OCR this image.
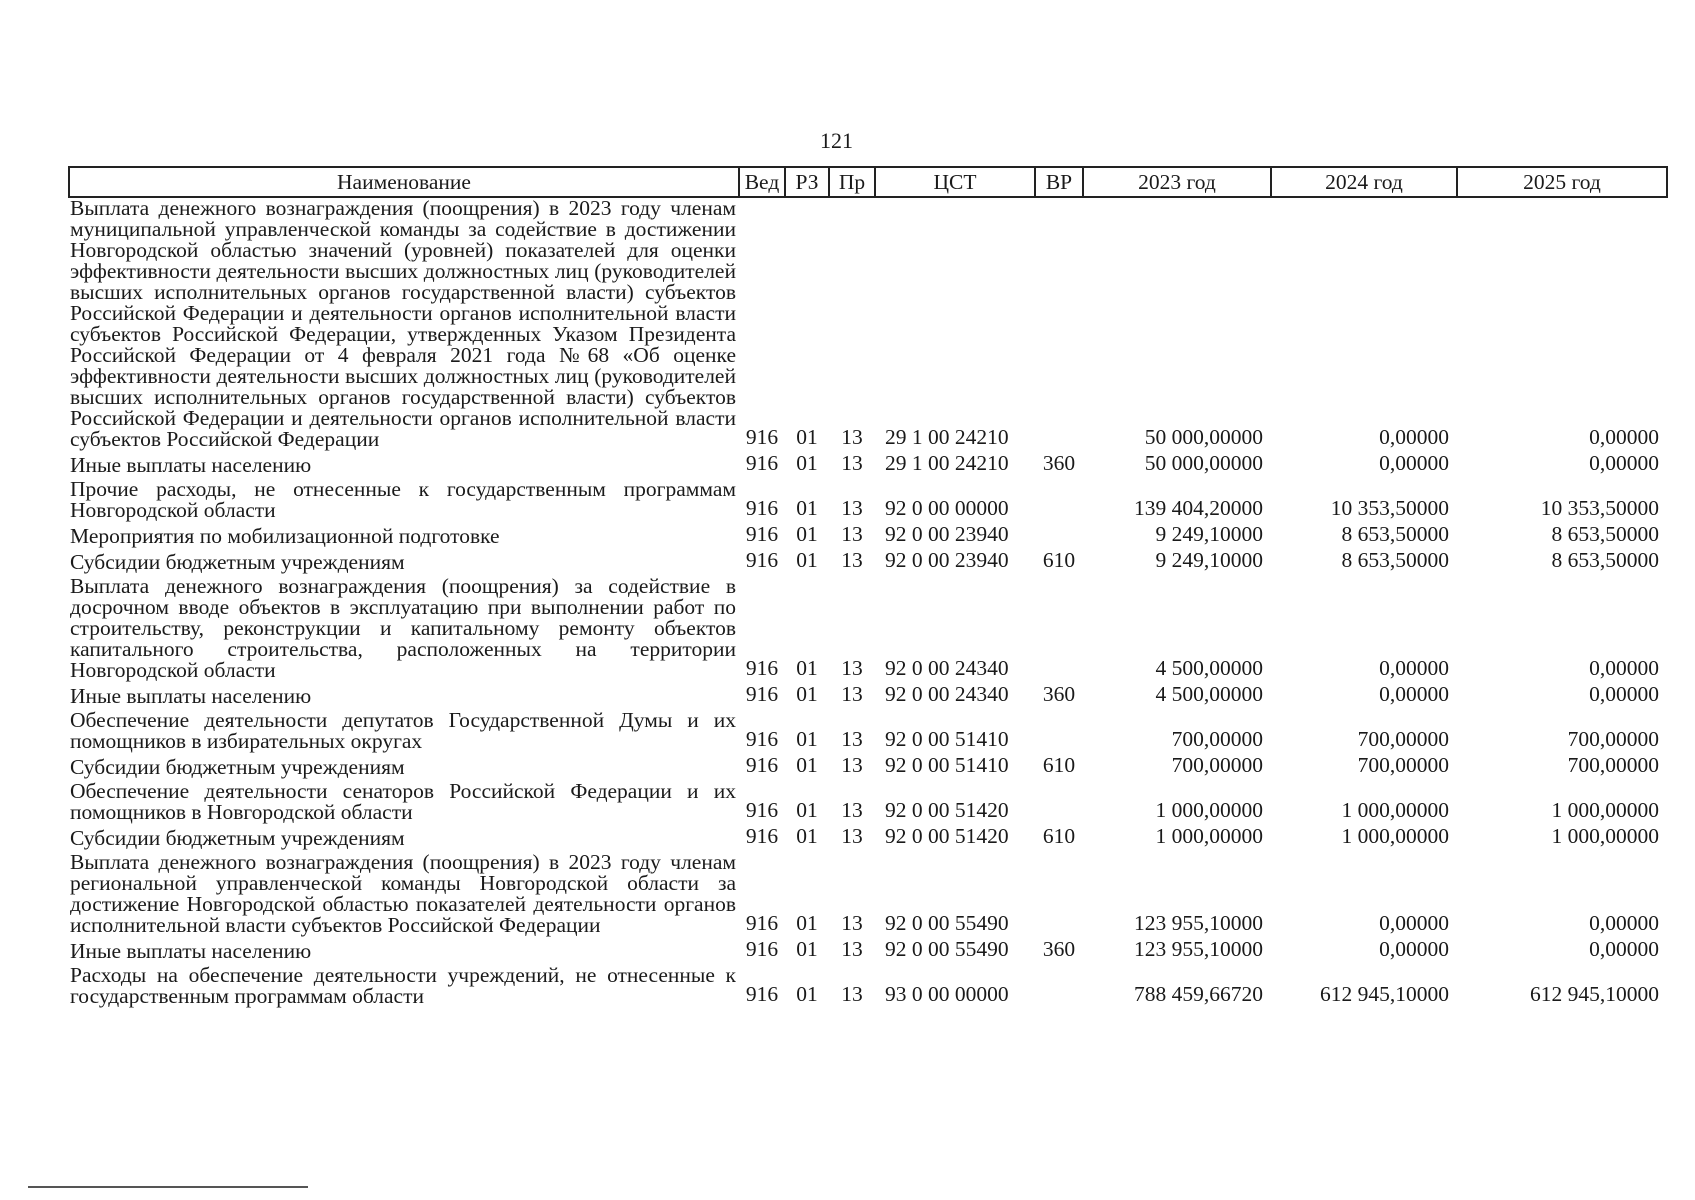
121
Наименование	Вед	РЗ	Пр	ЦСТ	ВР	2023 год	2024 год	2025 год
Выплата денежного вознаграждения (поощрения) в 2023 году членам муниципальной управленческой команды за содействие в достижении Новгородской областью значений (уровней) показателей для оценки эффективности деятельности высших должностных лиц (руководителей высших исполнительных органов государственной власти) субъектов Российской Федерации и деятельности органов исполнительной власти субъектов Российской Федерации, утвержденных Указом Президента Российской Федерации от 4 февраля 2021 года №68 «Об оценке эффективности деятельности высших должностных лиц (руководителей высших исполнительных органов государственной власти) субъектов Российской Федерации и деятельности органов исполнительной власти субъектов Российской Федерации	916	01	13	29 1 00 24210		50 000,00000	0,00000	0,00000
Иные выплаты населению	916	01	13	29 1 00 24210	360	50 000,00000	0,00000	0,00000
Прочие расходы, не отнесенные к государственным программам Новгородской области	916	01	13	92 0 00 00000		139 404,20000	10 353,50000	10 353,50000
Мероприятия по мобилизационной подготовке	916	01	13	92 0 00 23940		9 249,10000	8 653,50000	8 653,50000
Субсидии бюджетным учреждениям	916	01	13	92 0 00 23940	610	9 249,10000	8 653,50000	8 653,50000
Выплата денежного вознаграждения (поощрения) за содействие в досрочном вводе объектов в эксплуатацию при выполнении работ по строительству, реконструкции и капитальному ремонту объектов капитального строительства, расположенных на территории Новгородской области	916	01	13	92 0 00 24340		4 500,00000	0,00000	0,00000
Иные выплаты населению	916	01	13	92 0 00 24340	360	4 500,00000	0,00000	0,00000
Обеспечение деятельности депутатов Государственной Думы и их помощников в избирательных округах	916	01	13	92 0 00 51410		700,00000	700,00000	700,00000
Субсидии бюджетным учреждениям	916	01	13	92 0 00 51410	610	700,00000	700,00000	700,00000
Обеспечение деятельности сенаторов Российской Федерации и их помощников в Новгородской области	916	01	13	92 0 00 51420		1 000,00000	1 000,00000	1 000,00000
Субсидии бюджетным учреждениям	916	01	13	92 0 00 51420	610	1 000,00000	1 000,00000	1 000,00000
Выплата денежного вознаграждения (поощрения) в 2023 году членам региональной управленческой команды Новгородской области за достижение Новгородской областью показателей деятельности органов исполнительной власти субъектов Российской Федерации	916	01	13	92 0 00 55490		123 955,10000	0,00000	0,00000
Иные выплаты населению	916	01	13	92 0 00 55490	360	123 955,10000	0,00000	0,00000
Расходы на обеспечение деятельности учреждений, не отнесенные к государственным программам области	916	01	13	93 0 00 00000		788 459,66720	612 945,10000	612 945,10000
